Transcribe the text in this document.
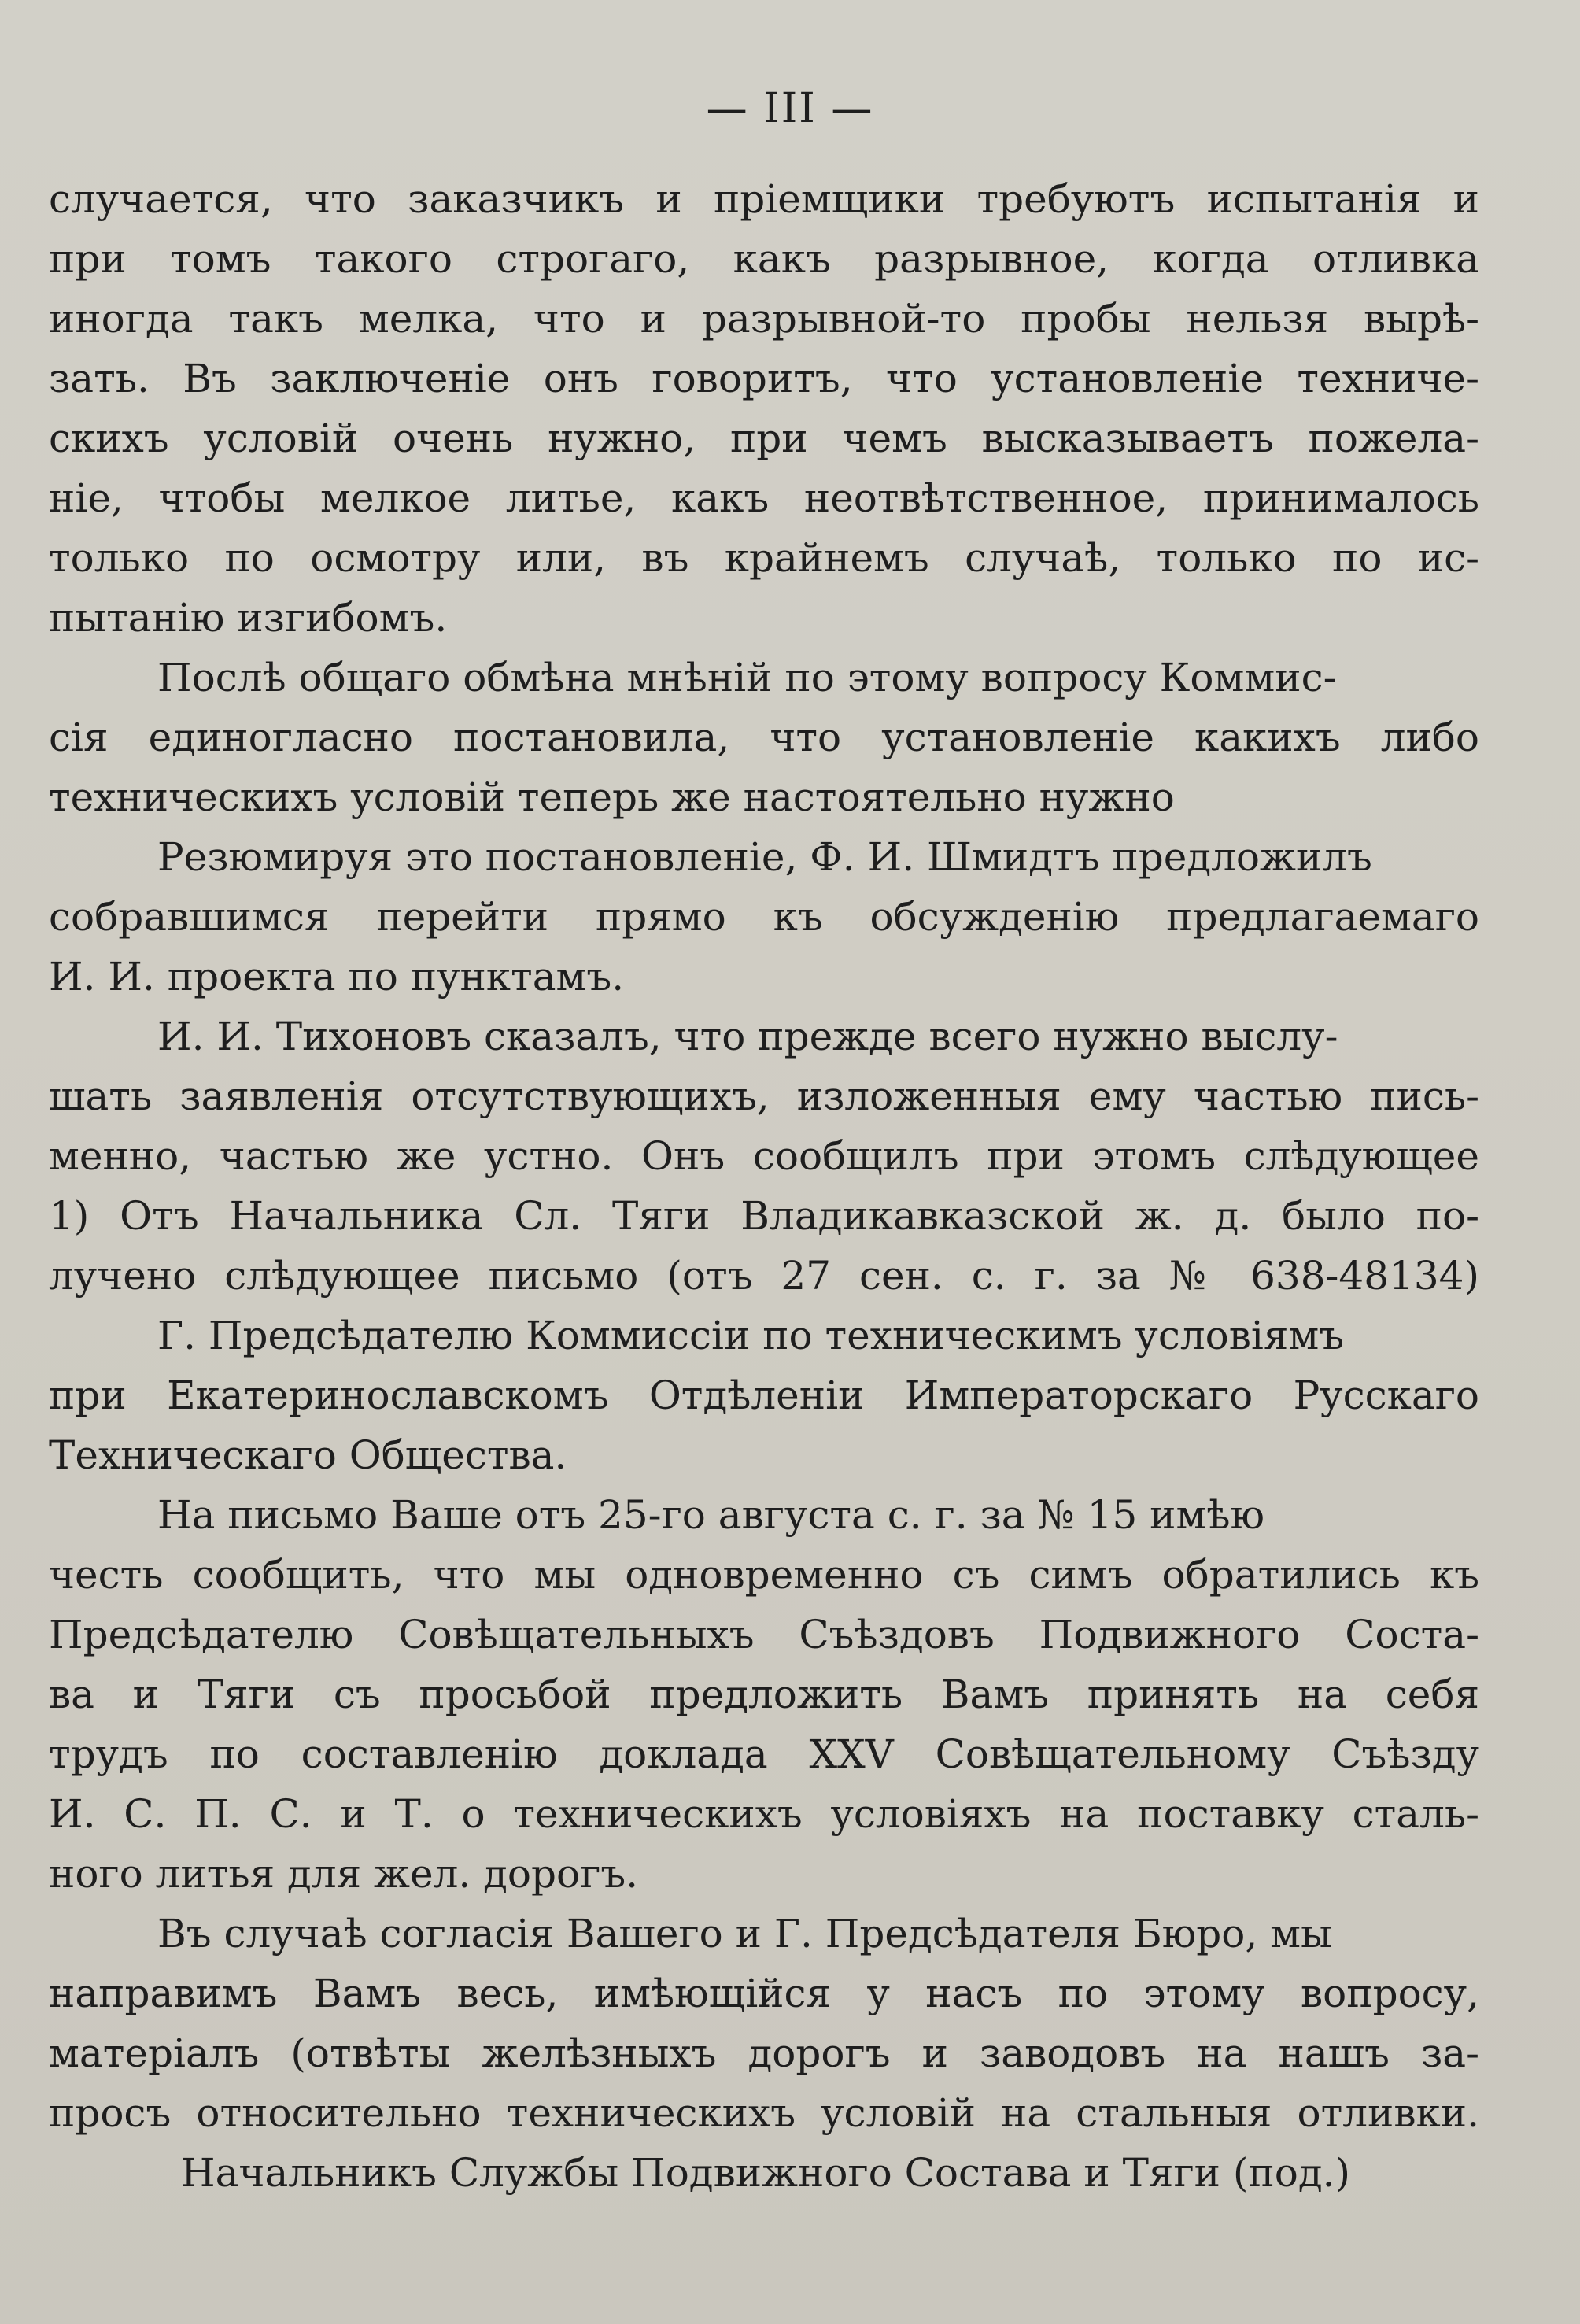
— III —
случается, что заказчикъ и пріемщики требуютъ испытанія и
при томъ такого строгаго, какъ разрывное, когда отливка
иногда такъ мелка, что и разрывной-то пробы нельзя вырѣ-
зать. Въ заключеніе онъ говоритъ, что установленіе техниче-
скихъ условій очень нужно, при чемъ высказываетъ пожела-
ніе, чтобы мелкое литье, какъ неотвѣтственное, принималось
только по осмотру или, въ крайнемъ случаѣ, только по ис-
пытанію изгибомъ.
Послѣ общаго обмѣна мнѣній по этому вопросу Коммис-
сія единогласно постановила, что установленіе какихъ либо
техническихъ условій теперь же настоятельно нужно
Резюмируя это постановленіе, Ф. И. Шмидтъ предложилъ
собравшимся перейти прямо къ обсужденію предлагаемаго
И. И. проекта по пунктамъ.
И. И. Тихоновъ сказалъ, что прежде всего нужно выслу-
шать заявленія отсутствующихъ, изложенныя ему частью пись-
менно, частью же устно. Онъ сообщилъ при этомъ слѣдующее
1) Отъ Начальника Сл. Тяги Владикавказской ж. д. было по-
лучено слѣдующее письмо (отъ 27 сен. с. г. за № 638-48134)
Г. Предсѣдателю Коммиссіи по техническимъ условіямъ
при Екатеринославскомъ Отдѣленіи Императорскаго Русскаго
Техническаго Общества.
На письмо Ваше отъ 25-го августа с. г. за № 15 имѣю
честь сообщить, что мы одновременно съ симъ обратились къ
Предсѣдателю Совѣщательныхъ Съѣздовъ Подвижного Соста-
ва и Тяги съ просьбой предложить Вамъ принять на себя
трудъ по составленію доклада XXV Совѣщательному Съѣзду
И. С. П. С. и Т. о техническихъ условіяхъ на поставку сталь-
ного литья для жел. дорогъ.
Въ случаѣ согласія Вашего и Г. Предсѣдателя Бюро, мы
направимъ Вамъ весь, имѣющійся у насъ по этому вопросу,
матеріалъ (отвѣты желѣзныхъ дорогъ и заводовъ на нашъ за-
просъ относительно техническихъ условій на стальныя отливки.
Начальникъ Службы Подвижного Состава и Тяги (под.)
